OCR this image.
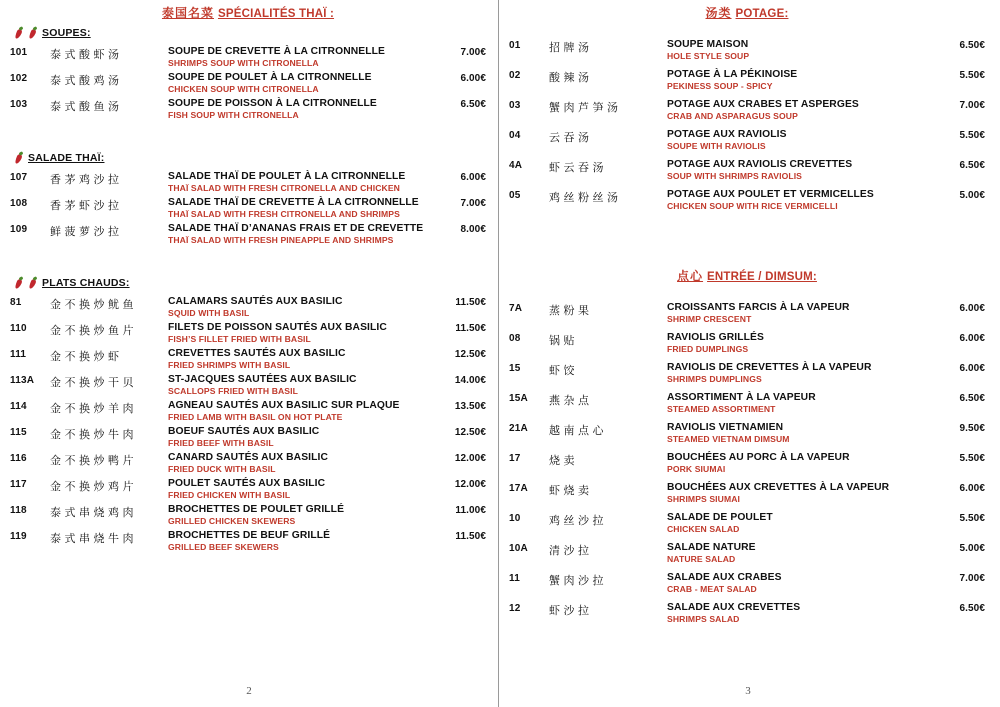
泰国名菜 SPÉCIALITÉS THAÏ :
SOUPES:
101	泰式酸虾汤	SOUPE DE CREVETTE À LA CITRONNELLE
SHRIMPS SOUP WITH CITRONELLA
7.00€
102	泰式酸鸡汤	SOUPE DE POULET À LA CITRONNELLE
CHICKEN SOUP WITH CITRONELLA
6.00€
103	泰式酸鱼汤	SOUPE DE POISSON À LA CITRONNELLE
FISH SOUP WITH CITRONELLA
6.50€
SALADE THAÏ:
107	香茅鸡沙拉	SALADE THAÏ DE POULET À LA CITRONNELLE
THAÏ SALAD WITH FRESH CITRONELLA AND CHICKEN
6.00€
108	香茅虾沙拉	SALADE THAÏ DE CREVETTE À LA CITRONNELLE
THAÏ SALAD WITH FRESH CITRONELLA AND SHRIMPS
7.00€
109	鲜菠萝沙拉	SALADE THAÏ D’ANANAS FRAIS ET DE CREVETTE
THAÏ SALAD WITH FRESH PINEAPPLE AND SHRIMPS
8.00€
PLATS CHAUDS:
81	金不换炒鱿鱼	CALAMARS SAUTÉS AUX BASILIC
SQUID WITH BASIL
11.50€
110	金不换炒鱼片	FILETS DE POISSON SAUTÉS AUX BASILIC
FISH’S FILLET FRIED WITH BASIL
11.50€
111	金不换炒虾	CREVETTES SAUTÉS AUX BASILIC
FRIED SHRIMPS WITH BASIL
12.50€
113A	金不换炒干贝	ST-JACQUES SAUTÉES AUX BASILIC
SCALLOPS FRIED WITH BASIL
14.00€
114	金不换炒羊肉	AGNEAU SAUTÉS AUX BASILIC SUR PLAQUE
FRIED LAMB WITH BASIL ON HOT PLATE
13.50€
115	金不换炒牛肉	BOEUF SAUTÉS AUX BASILIC
FRIED BEEF WITH BASIL
12.50€
116	金不换炒鸭片	CANARD SAUTÉS AUX BASILIC
FRIED DUCK WITH BASIL
12.00€
117	金不换炒鸡片	POULET SAUTÉS AUX BASILIC
FRIED CHICKEN WITH BASIL
12.00€
118	泰式串烧鸡肉	BROCHETTES DE POULET GRILLÉ
GRILLED CHICKEN SKEWERS
11.00€
119	泰式串烧牛肉	BROCHETTES DE BEUF GRILLÉ
GRILLED BEEF SKEWERS
11.50€
2
汤类 POTAGE:
01	招牌汤	SOUPE MAISON
HOLE STYLE SOUP
6.50€
02	酸辣汤	POTAGE À LA PÉKINOISE
PEKINESS SOUP - SPICY
5.50€
03	蟹肉芦笋汤	POTAGE AUX CRABES ET ASPERGES
CRAB AND ASPARAGUS SOUP
7.00€
04	云吞汤	POTAGE AUX RAVIOLIS
SOUPE WITH RAVIOLIS
5.50€
4A	虾云吞汤	POTAGE AUX RAVIOLIS CREVETTES
SOUP WITH SHRIMPS RAVIOLIS
6.50€
05	鸡丝粉丝汤	POTAGE AUX POULET ET VERMICELLES
CHICKEN SOUP WITH RICE VERMICELLI
5.00€
点心 ENTRÉE / DIMSUM:
7A	蒸粉果	CROISSANTS FARCIS À LA VAPEUR
SHRIMP CRESCENT
6.00€
08	锅贴	RAVIOLIS GRILLÉS
FRIED DUMPLINGS
6.00€
15	虾饺	RAVIOLIS DE CREVETTES À LA VAPEUR
SHRIMPS DUMPLINGS
6.00€
15A	燕杂点	ASSORTIMENT À LA VAPEUR
STEAMED ASSORTIMENT
6.50€
21A	越南点心	RAVIOLIS VIETNAMIEN
STEAMED VIETNAM DIMSUM
9.50€
17	烧卖	BOUCHÉES AU PORC À LA VAPEUR
PORK SIUMAI
5.50€
17A	虾烧卖	BOUCHÉES AUX CREVETTES À LA VAPEUR
SHRIMPS SIUMAI
6.00€
10	鸡丝沙拉	SALADE DE POULET
CHICKEN SALAD
5.50€
10A	清沙拉	SALADE NATURE
NATURE SALAD
5.00€
11	蟹肉沙拉	SALADE AUX CRABES
CRAB - MEAT SALAD
7.00€
12	虾沙拉	SALADE AUX CREVETTES
SHRIMPS SALAD
6.50€
3
